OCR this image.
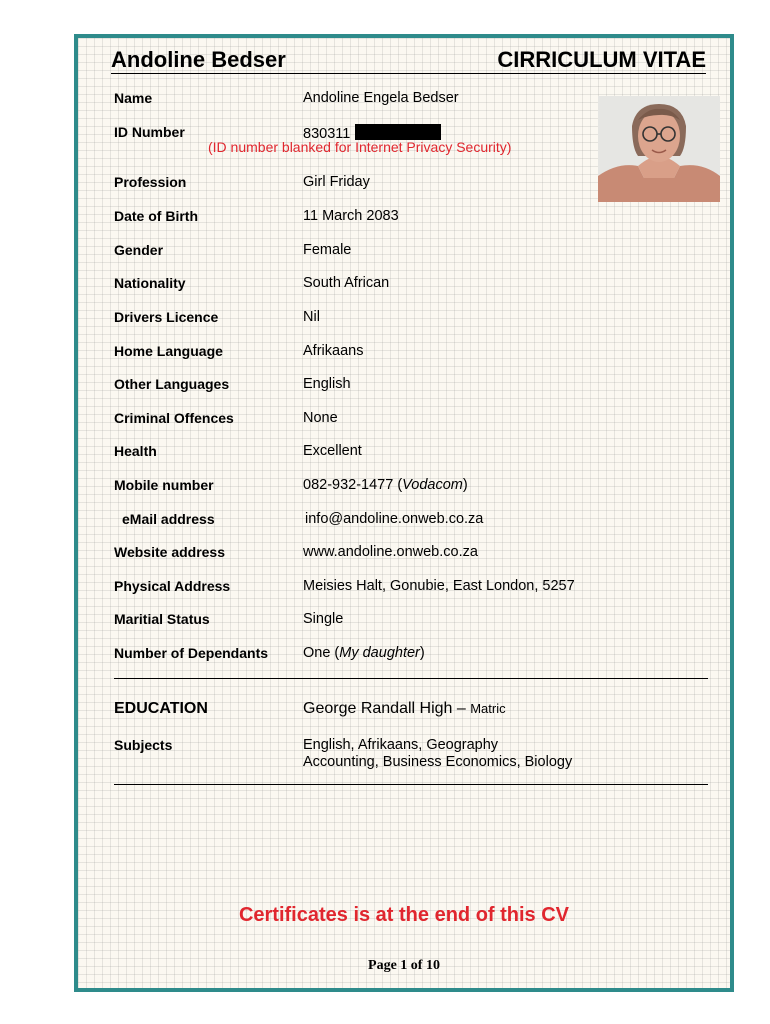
Andoline Bedser	CIRRICULUM VITAE
Name	Andoline Engela Bedser
ID Number	830311
(ID number blanked for Internet Privacy Security)
Profession	Girl Friday
Date of Birth	11 March 2083
Gender	Female
Nationality	South African
Drivers Licence	Nil
Home Language	Afrikaans
Other Languages	English
Criminal Offences	None
Health	Excellent
Mobile number	082-932-1477 (Vodacom)
eMail address	info@andoline.onweb.co.za
Website address	www.andoline.onweb.co.za
Physical Address	Meisies Halt, Gonubie, East London, 5257
Maritial Status	Single
Number of Dependants One (My daughter)
EDUCATION	George Randall High – Matric
Subjects	English, Afrikaans, Geography
Accounting, Business Economics, Biology
Certificates is at the end of this CV
Page 1 of 10
